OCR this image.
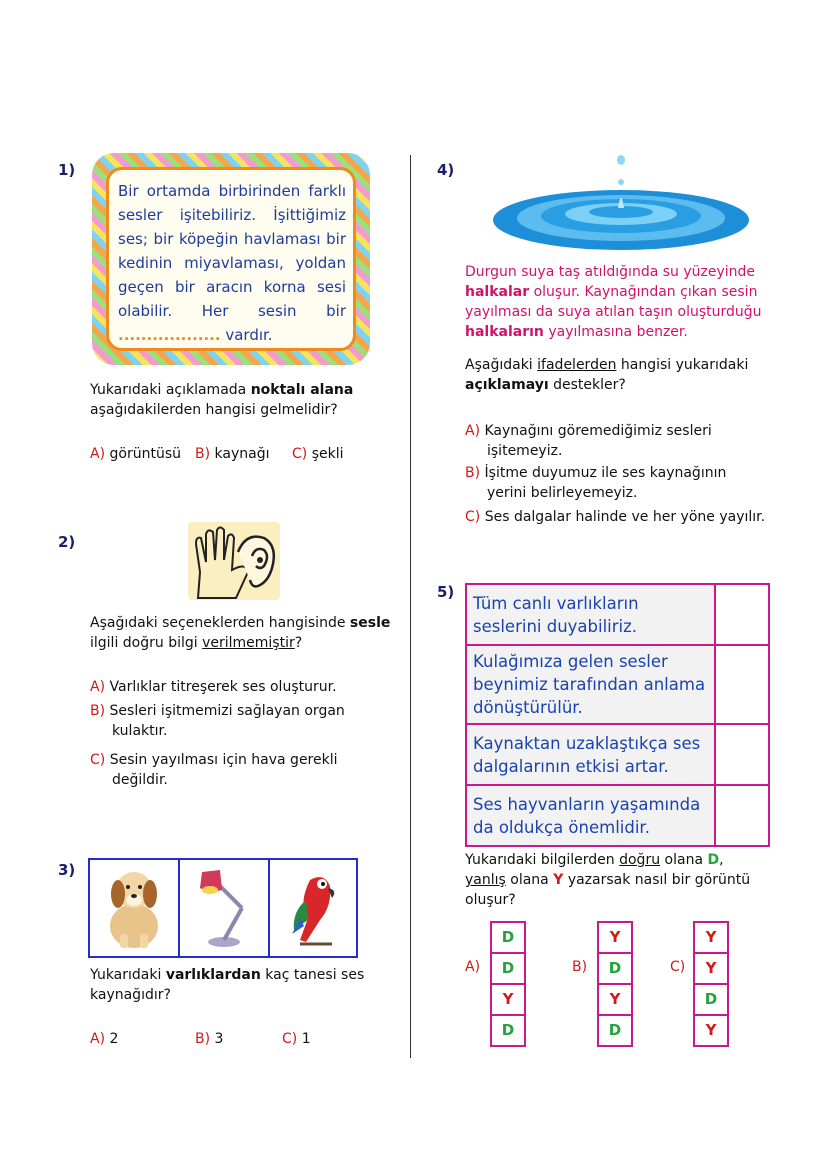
1)
Bir ortamda birbirinden farklı sesler işitebiliriz. İşittiğimiz ses; bir köpeğin havlaması bir kedinin miyavlaması, yoldan geçen bir aracın korna sesi olabilir. Her sesin bir .................. vardır.
Yukarıdaki açıklamada noktalı alana
aşağıdakilerden hangisi gelmelidir?
A) görüntüsü B) kaynağı C) şekli
2)
Aşağıdaki seçeneklerden hangisinde sesle
ilgili doğru bilgi verilmemiştir?
A) Varlıklar titreşerek ses oluşturur.
B) Sesleri işitmemizi sağlayan organ
kulaktır.
C) Sesin yayılması için hava gerekli
değildir.
3)
Yukarıdaki varlıklardan kaç tanesi ses
kaynağıdır?
A) 2	B) 3	C) 1
4)
Durgun suya taş atıldığında su yüzeyinde
halkalar oluşur. Kaynağından çıkan sesin
yayılması da suya atılan taşın oluşturduğu
halkaların yayılmasına benzer.
Aşağıdaki ifadelerden hangisi yukarıdaki
açıklamayı destekler?
A) Kaynağını göremediğimiz sesleri
işitemeyiz.
B) İşitme duyumuz ile ses kaynağının
yerini belirleyemeyiz.
C) Ses dalgalar halinde ve her yöne yayılır.
5)
Tüm canlı varlıkların
seslerini duyabiliriz.	
Kulağımıza gelen sesler
beynimiz tarafından anlama
dönüştürülür.	
Kaynaktan uzaklaştıkça ses
dalgalarının etkisi artar.	
Ses hayvanların yaşamında
da oldukça önemlidir.	
Yukarıdaki bilgilerden doğru olana D,
yanlış olana Y yazarsak nasıl bir görüntü
oluşur?
A)
D
D
Y
D
B)
Y
D
Y
D
C)
Y
Y
D
Y
